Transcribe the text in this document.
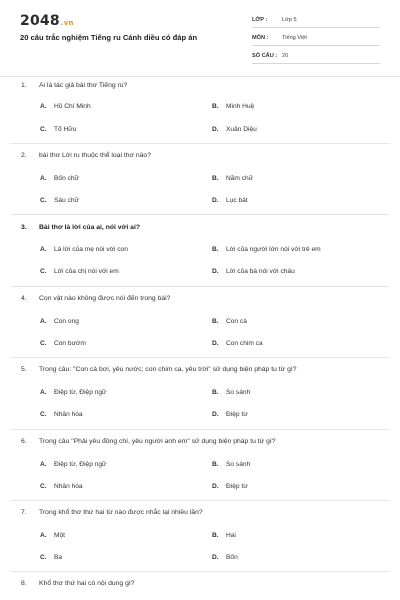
2048.vn
20 câu trắc nghiệm Tiếng ru Cánh diều có đáp án
LỚP :	Lớp 5
MÔN :	Tiếng Việt
SỐ CÂU : 20
1. Ai là tác giả bài thơ Tiếng ru?
A. Hồ Chí Minh	B. Minh Huệ
C. Tố Hữu	D. Xuân Diệu
2. bài thơ Lời ru thuộc thể loại thơ nào?
A. Bốn chữ	B. Năm chữ
C. Sáu chữ	D. Lục bát
3. Bài thơ là lời của ai, nói với ai?
A. Là lời của mẹ nói với con	B. Lời của người lớn nói với trẻ em
C. Lời của chị nói với em	D. Lời của bà nói với cháu
4. Con vật nào không được nói đến trong bài?
A. Con ong	B. Con cá
C. Con bướm	D. Con chim ca
5. Trong câu: "Con cá bơi, yêu nước; con chim ca, yêu trời" sử dụng biện pháp tu từ gì?
A. Điệp từ, Điệp ngữ	B. So sánh
C. Nhân hóa	D. Điệp từ
6. Trong câu "Phải yêu đồng chí, yêu người anh em" sử dụng biện pháp tu từ gì?
A. Điệp từ, Điệp ngữ	B. So sánh
C. Nhân hóa	D. Điệp từ
7. Trong khổ thơ thứ hai từ nào được nhắc lại nhiều lần?
A. Một	B. Hai
C. Ba	D. Bốn
8. Khổ thơ thứ hai có nội dung gì?
